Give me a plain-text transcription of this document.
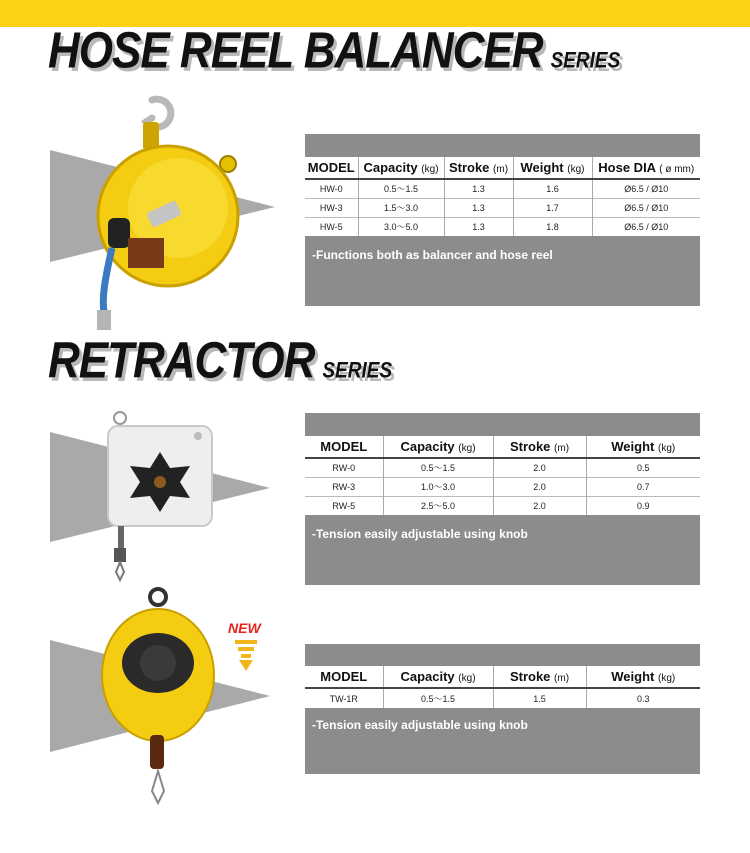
HOSE REEL BALANCER SERIES
MODEL	Capacity (kg)	Stroke (m)	Weight (kg)	Hose DIA ( ø mm)
HW-0	0.5～1.5	1.3	1.6	Ø6.5 / Ø10
HW-3	1.5～3.0	1.3	1.7	Ø6.5 / Ø10
HW-5	3.0～5.0	1.3	1.8	Ø6.5 / Ø10
-Functions both as balancer and hose reel
RETRACTOR SERIES
MODEL	Capacity (kg)	Stroke (m)	Weight (kg)
RW-0	0.5～1.5	2.0	0.5
RW-3	1.0～3.0	2.0	0.7
RW-5	2.5～5.0	2.0	0.9
-Tension easily adjustable using knob
NEW
MODEL	Capacity (kg)	Stroke (m)	Weight (kg)
TW-1R	0.5～1.5	1.5	0.3
-Tension easily adjustable using knob
